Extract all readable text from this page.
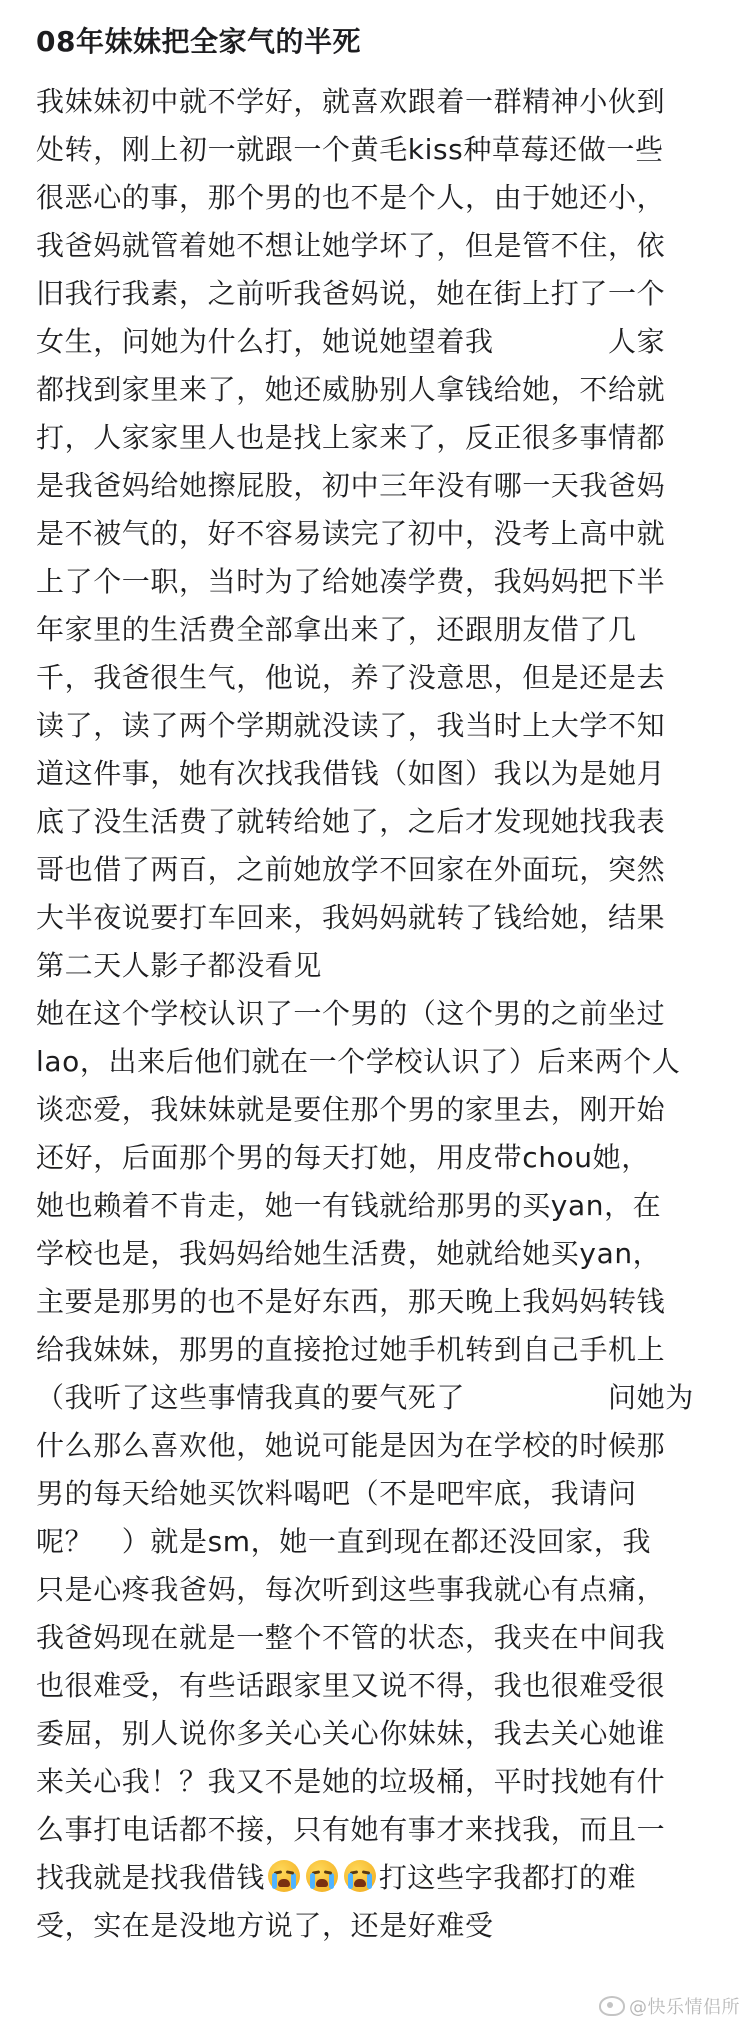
08年妹妹把全家气的半死
我妹妹初中就不学好，就喜欢跟着一群精神小伙到
处转，刚上初一就跟一个黄毛kiss种草莓还做一些
很恶心的事，那个男的也不是个人，由于她还小，
我爸妈就管着她不想让她学坏了，但是管不住，依
旧我行我素，之前听我爸妈说，她在街上打了一个
女生，问她为什么打，她说她望着我　　　　人家
都找到家里来了，她还威胁别人拿钱给她，不给就
打，人家家里人也是找上家来了，反正很多事情都
是我爸妈给她擦屁股，初中三年没有哪一天我爸妈
是不被气的，好不容易读完了初中，没考上高中就
上了个一职，当时为了给她凑学费，我妈妈把下半
年家里的生活费全部拿出来了，还跟朋友借了几
千，我爸很生气，他说，养了没意思，但是还是去
读了，读了两个学期就没读了，我当时上大学不知
道这件事，她有次找我借钱（如图）我以为是她月
底了没生活费了就转给她了，之后才发现她找我表
哥也借了两百，之前她放学不回家在外面玩，突然
大半夜说要打车回来，我妈妈就转了钱给她，结果
第二天人影子都没看见
她在这个学校认识了一个男的（这个男的之前坐过
lao，出来后他们就在一个学校认识了）后来两个人
谈恋爱，我妹妹就是要住那个男的家里去，刚开始
还好，后面那个男的每天打她，用皮带chou她，
她也赖着不肯走，她一有钱就给那男的买yan，在
学校也是，我妈妈给她生活费，她就给她买yan，
主要是那男的也不是好东西，那天晚上我妈妈转钱
给我妹妹，那男的直接抢过她手机转到自己手机上
（我听了这些事情我真的要气死了　　　　　问她为
什么那么喜欢他，她说可能是因为在学校的时候那
男的每天给她买饮料喝吧（不是吧牢底，我请问
呢？　）就是sm，她一直到现在都还没回家，我
只是心疼我爸妈，每次听到这些事我就心有点痛，
我爸妈现在就是一整个不管的状态，我夹在中间我
也很难受，有些话跟家里又说不得，我也很难受很
委屈，别人说你多关心关心你妹妹，我去关心她谁
来关心我！？我又不是她的垃圾桶，平时找她有什
么事打电话都不接，只有她有事才来找我，而且一
找我就是找我借钱	打这些字我都打的难
受，实在是没地方说了，还是好难受
@快乐情侣所
